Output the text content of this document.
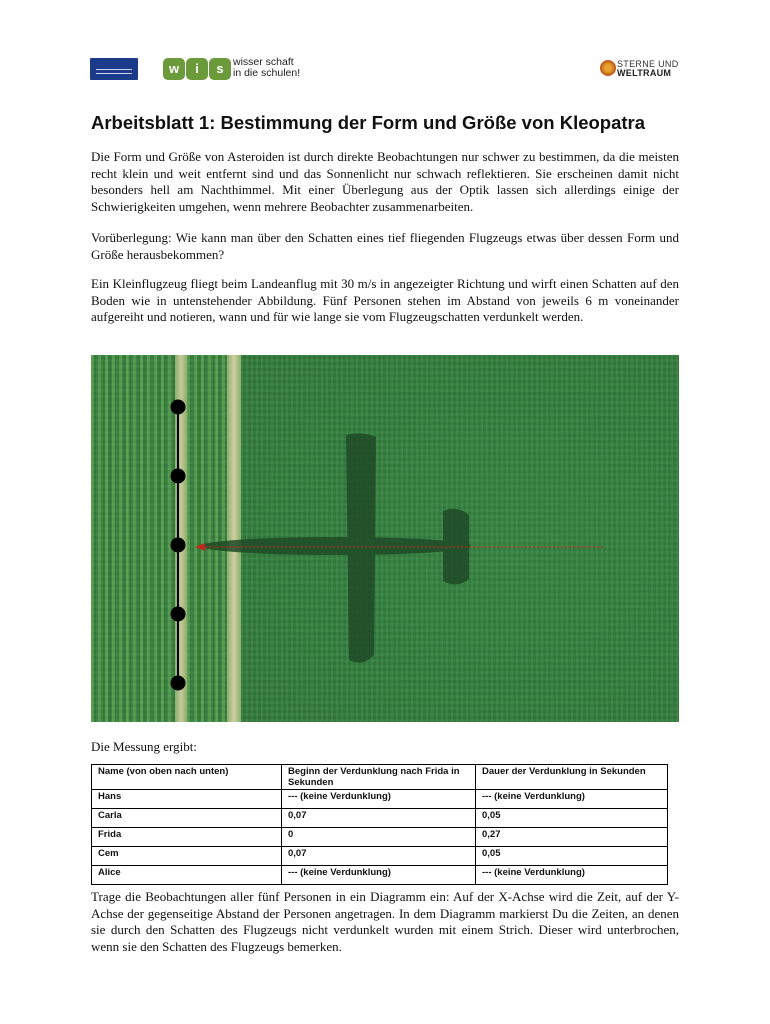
w	i	s wisser schaft
in die schulen!
STERNE UND
WELTRAUM
Arbeitsblatt 1: Bestimmung der Form und Größe von Kleopatra

Die Form und Größe von Asteroiden ist durch direkte Beobachtungen nur schwer zu bestimmen, da die meisten recht klein und weit entfernt sind und das Sonnenlicht nur schwach reflektieren. Sie erscheinen damit nicht besonders hell am Nachthimmel. Mit einer Überlegung aus der Optik lassen sich allerdings einige der Schwierigkeiten umgehen, wenn mehrere Beobachter zusammenarbeiten.

Vorüberlegung: Wie kann man über den Schatten eines tief fliegenden Flugzeugs etwas über dessen Form und Größe herausbekommen?

Ein Kleinflugzeug fliegt beim Landeanflug mit 30 m/s in angezeigter Richtung und wirft einen Schatten auf den Boden wie in untenstehender Abbildung. Fünf Personen stehen im Abstand von jeweils 6 m voneinander aufgereiht und notieren, wann und für wie lange sie vom Flugzeugschatten verdunkelt werden.

Die Messung ergibt:
Name (von oben nach unten)	Beginn der Verdunklung nach Frida in Sekunden	Dauer der Verdunklung in Sekunden
Hans	--- (keine Verdunklung)	--- (keine Verdunklung)
Carla	0,07	0,05
Frida	0	0,27
Cem	0,07	0,05
Alice	--- (keine Verdunklung)	--- (keine Verdunklung)

Trage die Beobachtungen aller fünf Personen in ein Diagramm ein: Auf der X-Achse wird die Zeit, auf der Y-Achse der gegenseitige Abstand der Personen angetragen. In dem Diagramm markierst Du die Zeiten, an denen sie durch den Schatten des Flugzeugs nicht verdunkelt wurden mit einem Strich. Dieser wird unterbrochen, wenn sie den Schatten des Flugzeugs bemerken.
